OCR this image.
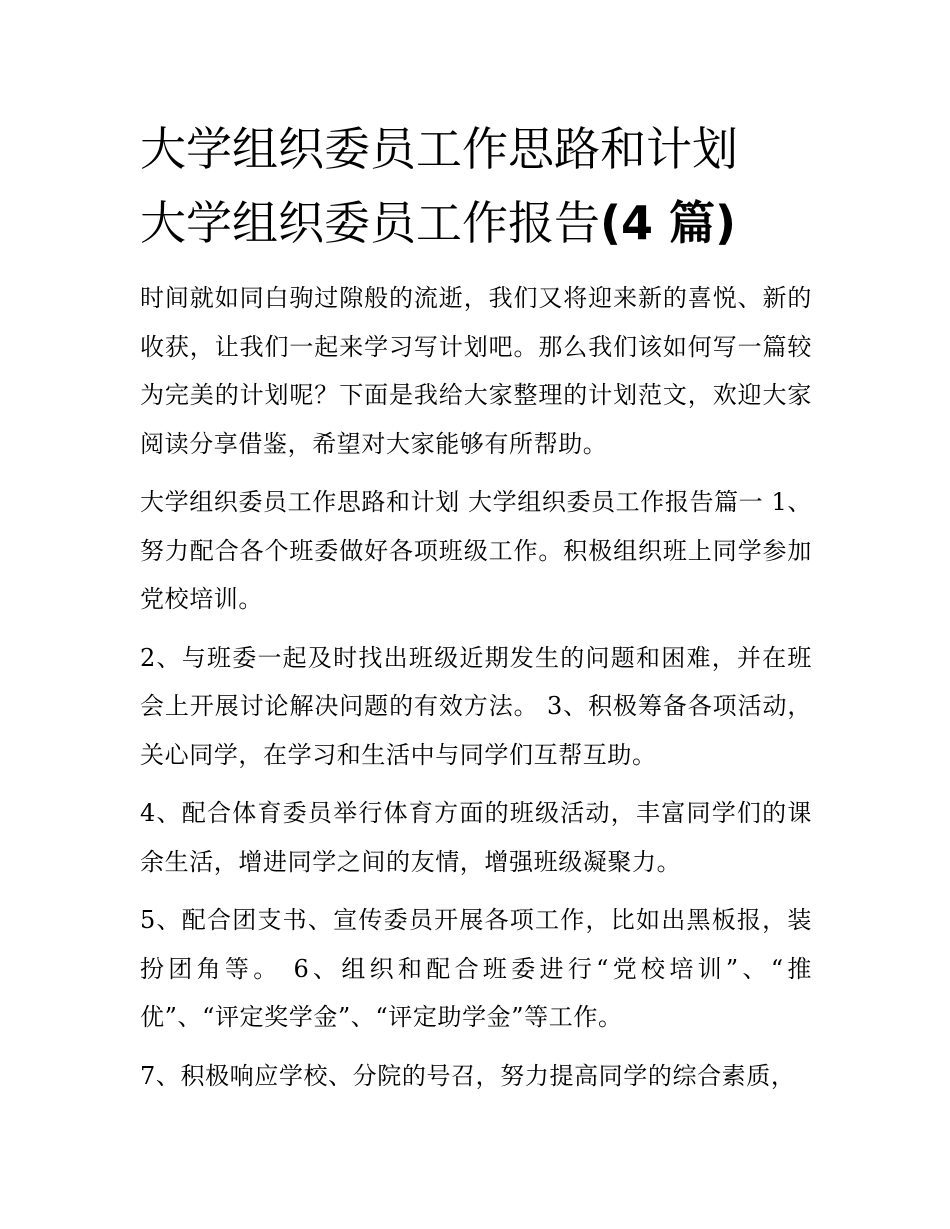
大学组织委员工作思路和计划
大学组织委员工作报告(4 篇)

时间就如同白驹过隙般的流逝，我们又将迎来新的喜悦、新的收获，让我们一起来学习写计划吧。那么我们该如何写一篇较为完美的计划呢？下面是我给大家整理的计划范文，欢迎大家阅读分享借鉴，希望对大家能够有所帮助。

大学组织委员工作思路和计划 大学组织委员工作报告篇一 1、努力配合各个班委做好各项班级工作。积极组织班上同学参加党校培训。

2、与班委一起及时找出班级近期发生的问题和困难，并在班会上开展讨论解决问题的有效方法。 3、积极筹备各项活动，关心同学，在学习和生活中与同学们互帮互助。

4、配合体育委员举行体育方面的班级活动，丰富同学们的课余生活，增进同学之间的友情，增强班级凝聚力。

5、配合团支书、宣传委员开展各项工作，比如出黑板报，装扮团角等。 6、组织和配合班委进行“党校培训”、“推优”、“评定奖学金”、“评定助学金”等工作。

7、积极响应学校、分院的号召，努力提高同学的综合素质，
